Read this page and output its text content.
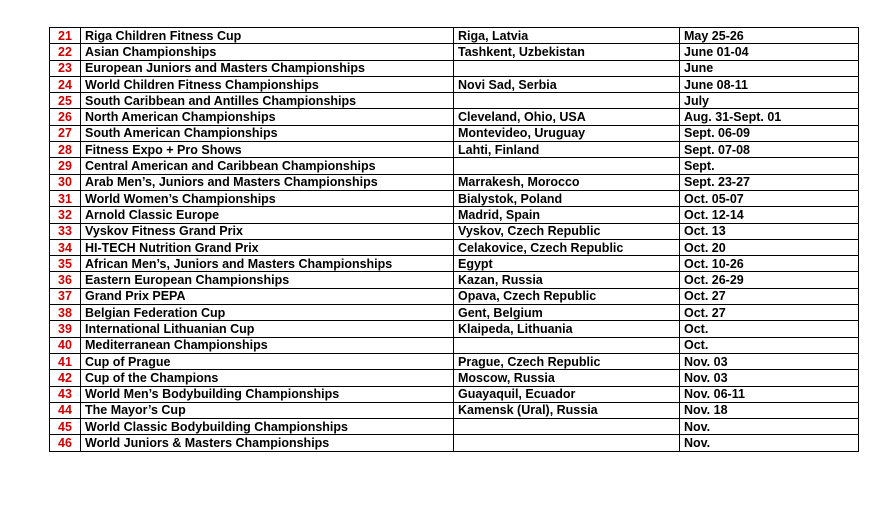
21	Riga Children Fitness Cup	Riga, Latvia	May 25-26
22	Asian Championships	Tashkent, Uzbekistan	June 01-04
23	European Juniors and Masters Championships		June
24	World Children Fitness Championships	Novi Sad, Serbia	June 08-11
25	South Caribbean and Antilles Championships		July
26	North American Championships	Cleveland, Ohio, USA	Aug. 31-Sept. 01
27	South American Championships	Montevideo, Uruguay	Sept. 06-09
28	Fitness Expo + Pro Shows	Lahti, Finland	Sept. 07-08
29	Central American and Caribbean Championships		Sept.
30	Arab Men’s, Juniors and Masters Championships	Marrakesh, Morocco	Sept. 23-27
31	World Women’s Championships	Bialystok, Poland	Oct. 05-07
32	Arnold Classic Europe	Madrid, Spain	Oct. 12-14
33	Vyskov Fitness Grand Prix	Vyskov, Czech Republic	Oct. 13
34	HI-TECH Nutrition Grand Prix	Celakovice, Czech Republic	Oct. 20
35	African Men’s, Juniors and Masters Championships	Egypt	Oct. 10-26
36	Eastern European Championships	Kazan, Russia	Oct. 26-29
37	Grand Prix PEPA	Opava, Czech Republic	Oct. 27
38	Belgian Federation Cup	Gent, Belgium	Oct. 27
39	International Lithuanian Cup	Klaipeda, Lithuania	Oct.
40	Mediterranean Championships		Oct.
41	Cup of Prague	Prague, Czech Republic	Nov. 03
42	Cup of the Champions	Moscow, Russia	Nov. 03
43	World Men’s Bodybuilding Championships	Guayaquil, Ecuador	Nov. 06-11
44	The Mayor’s Cup	Kamensk (Ural), Russia	Nov. 18
45	World Classic Bodybuilding Championships		Nov.
46	World Juniors & Masters Championships		Nov.
